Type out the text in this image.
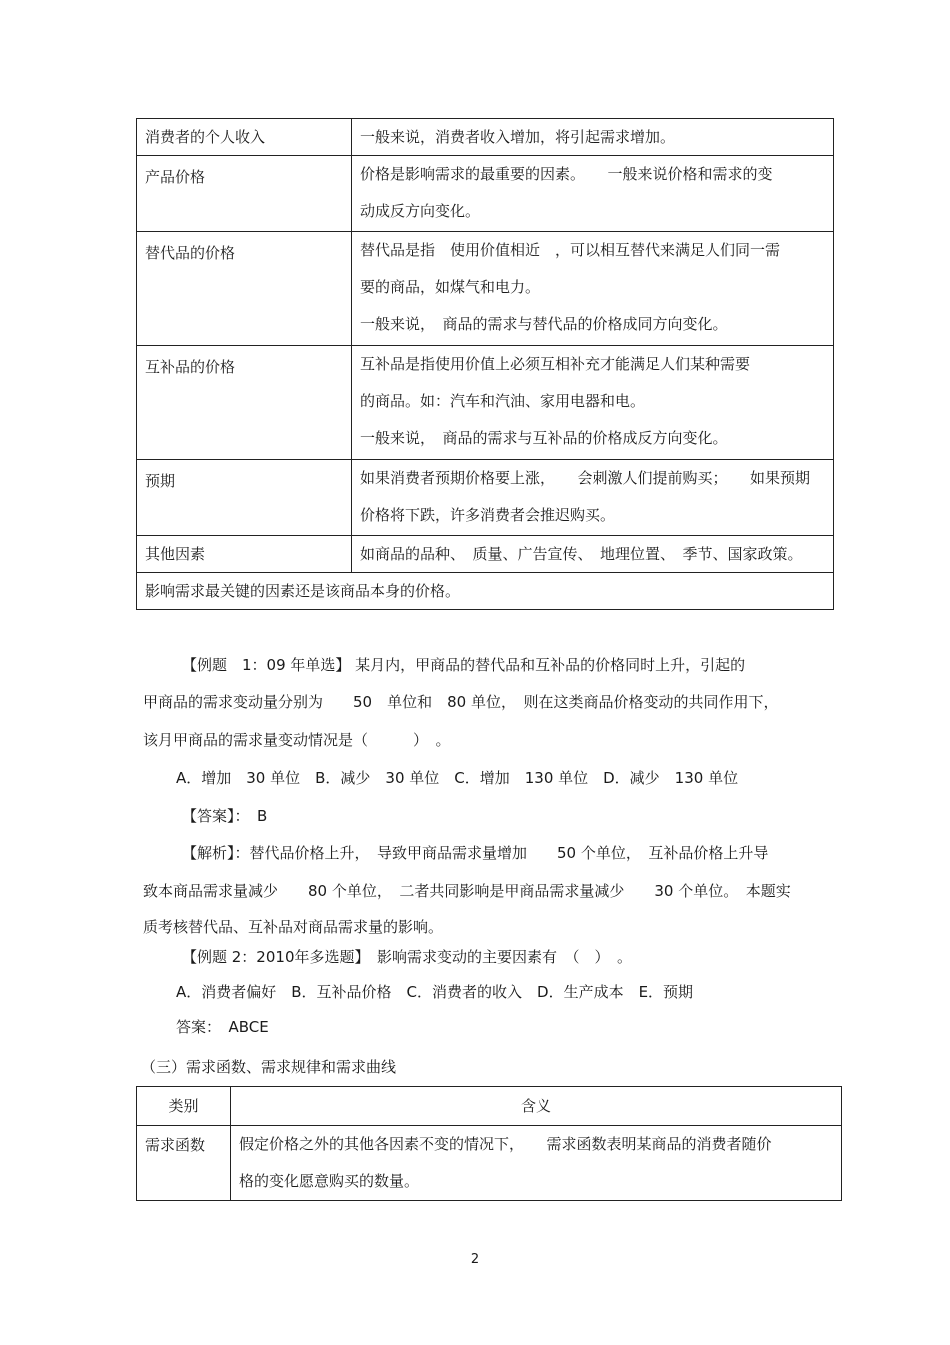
消费者的个人收入	一般来说，消费者收入增加，将引起需求增加。

产品价格	价格是影响需求的最重要的因素。　　一般来说价格和需求的变
动成反方向变化。

替代品的价格	替代品是指　使用价值相近　，可以相互替代来满足人们同一需
要的商品，如煤气和电力。
一般来说，　商品的需求与替代品的价格成同方向变化。

互补品的价格	互补品是指使用价值上必须互相补充才能满足人们某种需要
的商品。如：汽车和汽油、家用电器和电。
一般来说，　商品的需求与互补品的价格成反方向变化。

预期	如果消费者预期价格要上涨，　　会刺激人们提前购买；　　如果预期
价格将下跌，许多消费者会推迟购买。

其他因素	如商品的品种、　质量、广告宣传、　地理位置、　季节、国家政策。

影响需求最关键的因素还是该商品本身的价格。	
【例题　1：09 年单选】 某月内，甲商品的替代品和互补品的价格同时上升，引起的
甲商品的需求变动量分别为　　50　单位和　80 单位，　则在这类商品价格变动的共同作用下，
该月甲商品的需求量变动情况是（　　　）　。
A．增加　30 单位　B．减少　30 单位　C．增加　130 单位　D．减少　130 单位
【答案】：　B
【解析】：替代品价格上升，　导致甲商品需求量增加　　50 个单位，　互补品价格上升导
致本商品需求量减少　　80 个单位，　二者共同影响是甲商品需求量减少　　30 个单位。　本题实
质考核替代品、互补品对商品需求量的影响。
【例题 2：2010年多选题】　影响需求变动的主要因素有　（　）　。
A．消费者偏好　B．互补品价格　C．消费者的收入　D．生产成本　E．预期
答案：　ABCE
（三）需求函数、需求规律和需求曲线
类别	含义
需求函数	假定价格之外的其他各因素不变的情况下，　　需求函数表明某商品的消费者随价
格的变化愿意购买的数量。
2
